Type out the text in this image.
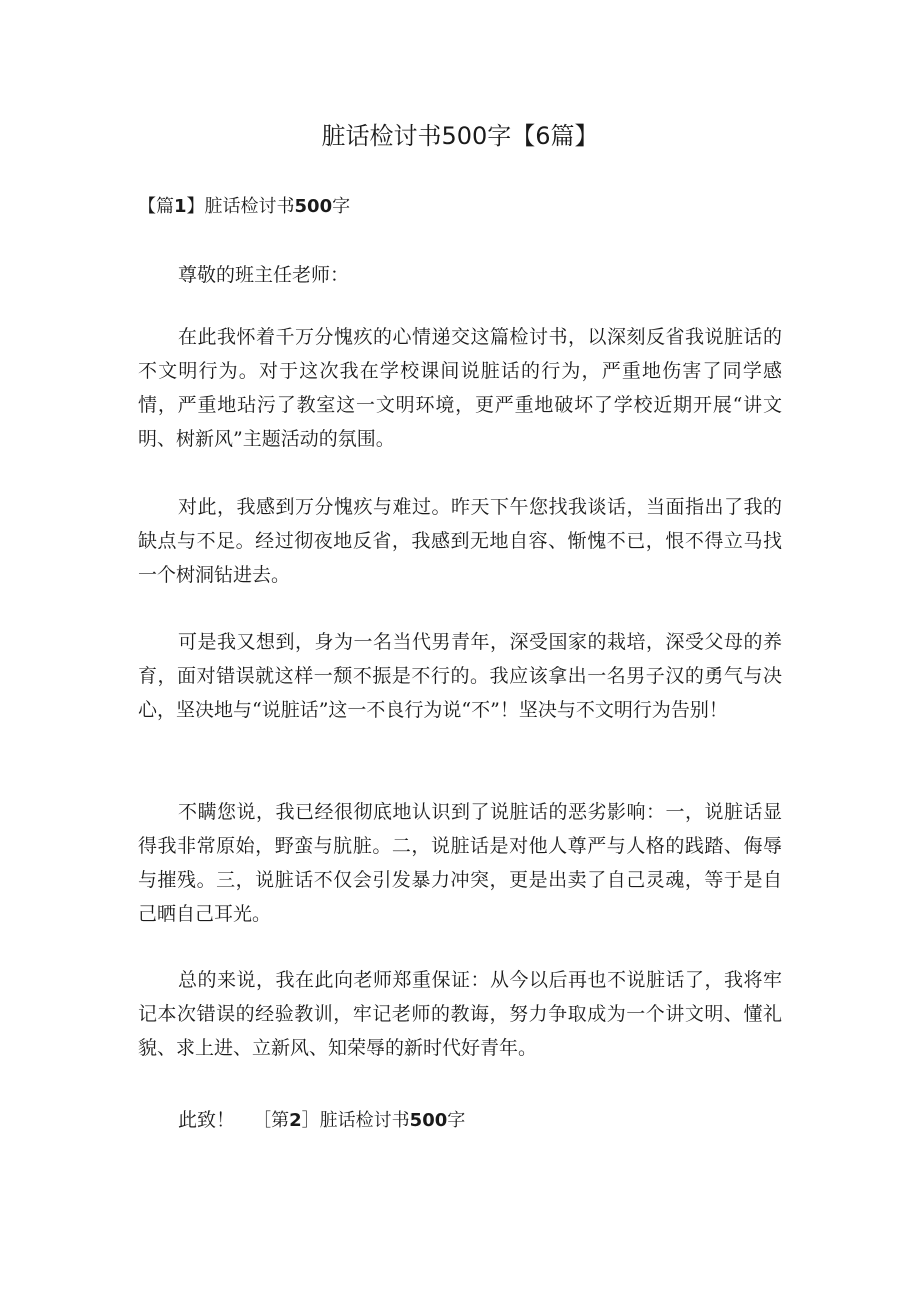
脏话检讨书500字【6篇】

【篇1】脏话检讨书500字

尊敬的班主任老师：

在此我怀着千万分愧疚的心情递交这篇检讨书，以深刻反省我说脏话的不文明行为。对于这次我在学校课间说脏话的行为，严重地伤害了同学感情，严重地玷污了教室这一文明环境，更严重地破坏了学校近期开展“讲文明、树新风”主题活动的氛围。

对此，我感到万分愧疚与难过。昨天下午您找我谈话，当面指出了我的缺点与不足。经过彻夜地反省，我感到无地自容、惭愧不已，恨不得立马找一个树洞钻进去。

可是我又想到，身为一名当代男青年，深受国家的栽培，深受父母的养育，面对错误就这样一颓不振是不行的。我应该拿出一名男子汉的勇气与决心，坚决地与“说脏话”这一不良行为说“不”！坚决与不文明行为告别！

不瞒您说，我已经很彻底地认识到了说脏话的恶劣影响：一，说脏话显得我非常原始，野蛮与肮脏。二，说脏话是对他人尊严与人格的践踏、侮辱与摧残。三，说脏话不仅会引发暴力冲突，更是出卖了自己灵魂，等于是自己晒自己耳光。

总的来说，我在此向老师郑重保证：从今以后再也不说脏话了，我将牢记本次错误的经验教训，牢记老师的教诲，努力争取成为一个讲文明、懂礼貌、求上进、立新风、知荣辱的新时代好青年。

此致！ ［第2］脏话检讨书500字
